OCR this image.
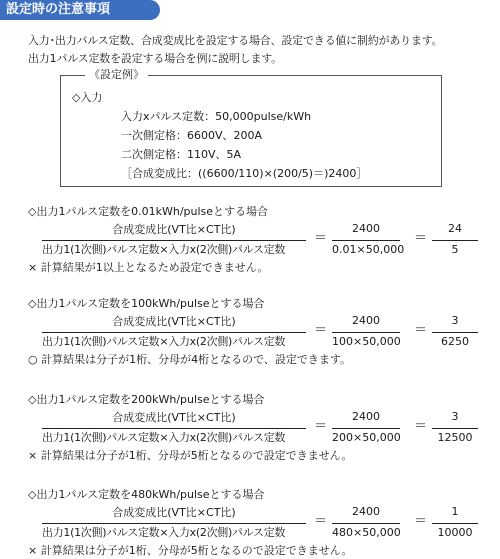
設定時の注意事項
入力･出力パルス定数、合成変成比を設定する場合、設定できる値に制約があります。
出力1パルス定数を設定する場合を例に説明します。
《設定例》
◇入力
入力xパルス定数：50,000pulse/kWh
一次側定格：6600V、200A
二次側定格：110V、5A
［合成変成比：((6600/110)×(200/5)＝)2400］
◇出力1パルス定数を0.01kWh/pulseとする場合
合成変成比(VT比×CT比)
出力1(1次側)パルス定数×入力x(2次側)パルス定数
＝
2400
0.01×50,000
＝
24
5
× 計算結果が1以上となるため設定できません。
◇出力1パルス定数を100kWh/pulseとする場合
合成変成比(VT比×CT比)
出力1(1次側)パルス定数×入力x(2次側)パルス定数
＝
2400
100×50,000
＝
3
6250
○ 計算結果は分子が1桁、分母が4桁となるので、設定できます。
◇出力1パルス定数を200kWh/pulseとする場合
合成変成比(VT比×CT比)
出力1(1次側)パルス定数×入力x(2次側)パルス定数
＝
2400
200×50,000
＝
3
12500
× 計算結果は分子が1桁、分母が5桁となるので設定できません。
◇出力1パルス定数を480kWh/pulseとする場合
合成変成比(VT比×CT比)
出力1(1次側)パルス定数×入力x(2次側)パルス定数
＝
2400
480×50,000
＝
1
10000
× 計算結果は分子が1桁、分母が5桁となるので設定できません。
